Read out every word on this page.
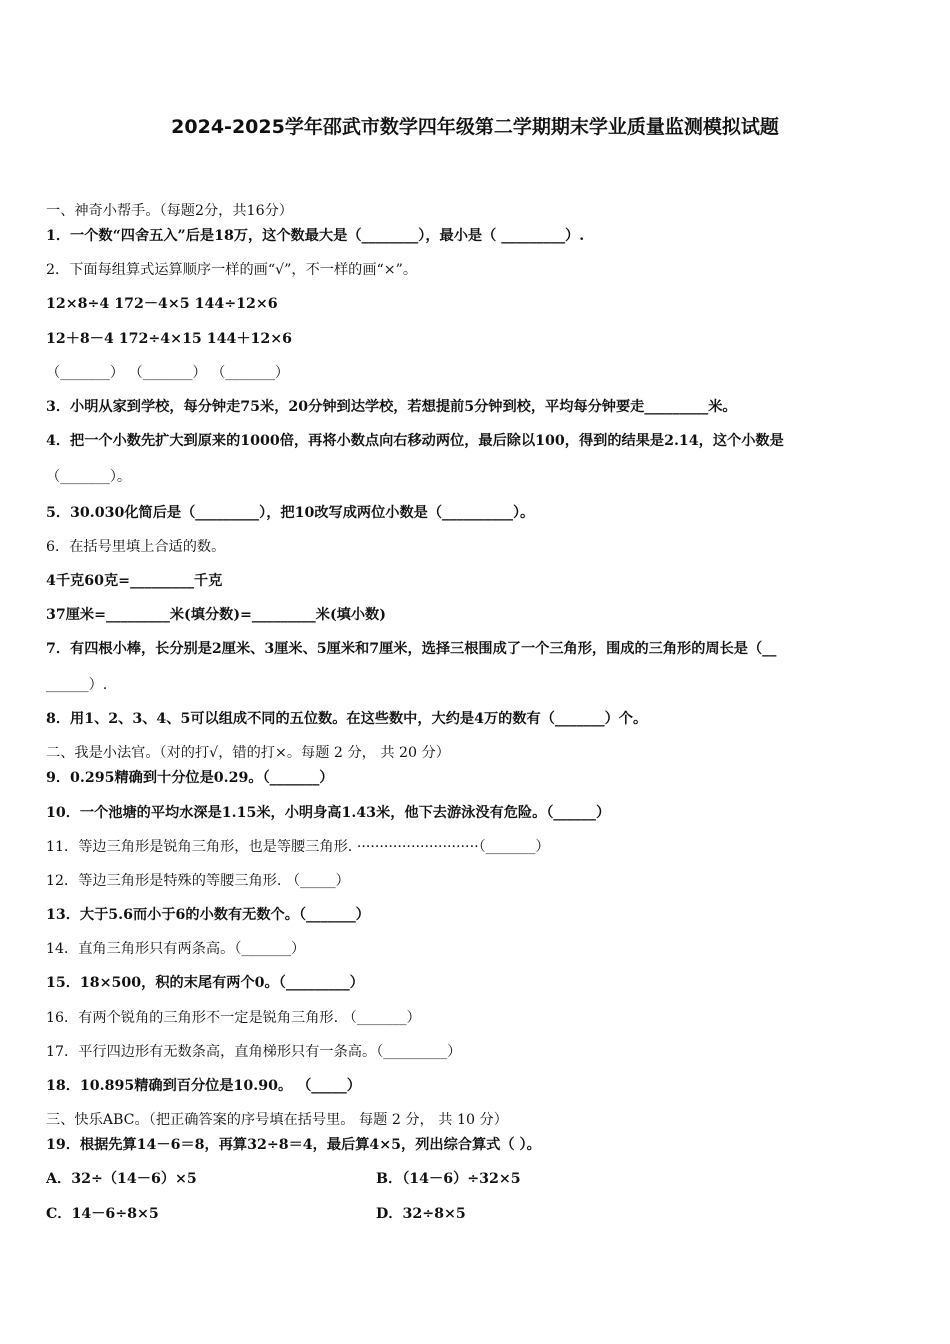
2024-2025学年邵武市数学四年级第二学期期末学业质量监测模拟试题
一、神奇小帮手。（每题2分，共16分）
1．一个数“四舍五入”后是18万，这个数最大是（________），最小是（ _________）.
2．下面每组算式运算顺序一样的画“√”，不一样的画“×”。
12×8÷4 172－4×5 144÷12×6
12＋8－4 172÷4×15 144＋12×6
（_______） （_______） （_______）
3．小明从家到学校，每分钟走75米，20分钟到达学校，若想提前5分钟到校，平均每分钟要走_________米。
4．把一个小数先扩大到原来的1000倍，再将小数点向右移动两位，最后除以100，得到的结果是2.14，这个小数是
（_______）。
5．30.030化简后是（_________），把10改写成两位小数是（__________）。
6．在括号里填上合适的数。
4千克60克=_________千克
37厘米=_________米(填分数)=_________米(填小数)
7．有四根小棒，长分别是2厘米、3厘米、5厘米和7厘米，选择三根围成了一个三角形，围成的三角形的周长是（__
______）.
8．用1、2、3、4、5可以组成不同的五位数。在这些数中，大约是4万的数有（_______）个。
二、我是小法官。（对的打√，错的打×。每题 2 分， 共 20 分）
9．0.295精确到十分位是0.29。（_______）
10．一个池塘的平均水深是1.15米，小明身高1.43米，他下去游泳没有危险。（______）
11．等边三角形是锐角三角形，也是等腰三角形. ···························（_______）
12．等边三角形是特殊的等腰三角形. （_____）
13．大于5.6而小于6的小数有无数个。（_______）
14．直角三角形只有两条高。（_______）
15．18×500，积的末尾有两个0。（_________）
16．有两个锐角的三角形不一定是锐角三角形. （_______）
17．平行四边形有无数条高，直角梯形只有一条高。（_________）
18．10.895精确到百分位是10.90。 （_____）
三、快乐ABC。（把正确答案的序号填在括号里。 每题 2 分， 共 10 分）
19．根据先算14－6＝8，再算32÷8＝4，最后算4×5，列出综合算式（ ）。
A．32÷（14－6）×5	B．（14－6）÷32×5
C．14－6÷8×5	D．32÷8×5
